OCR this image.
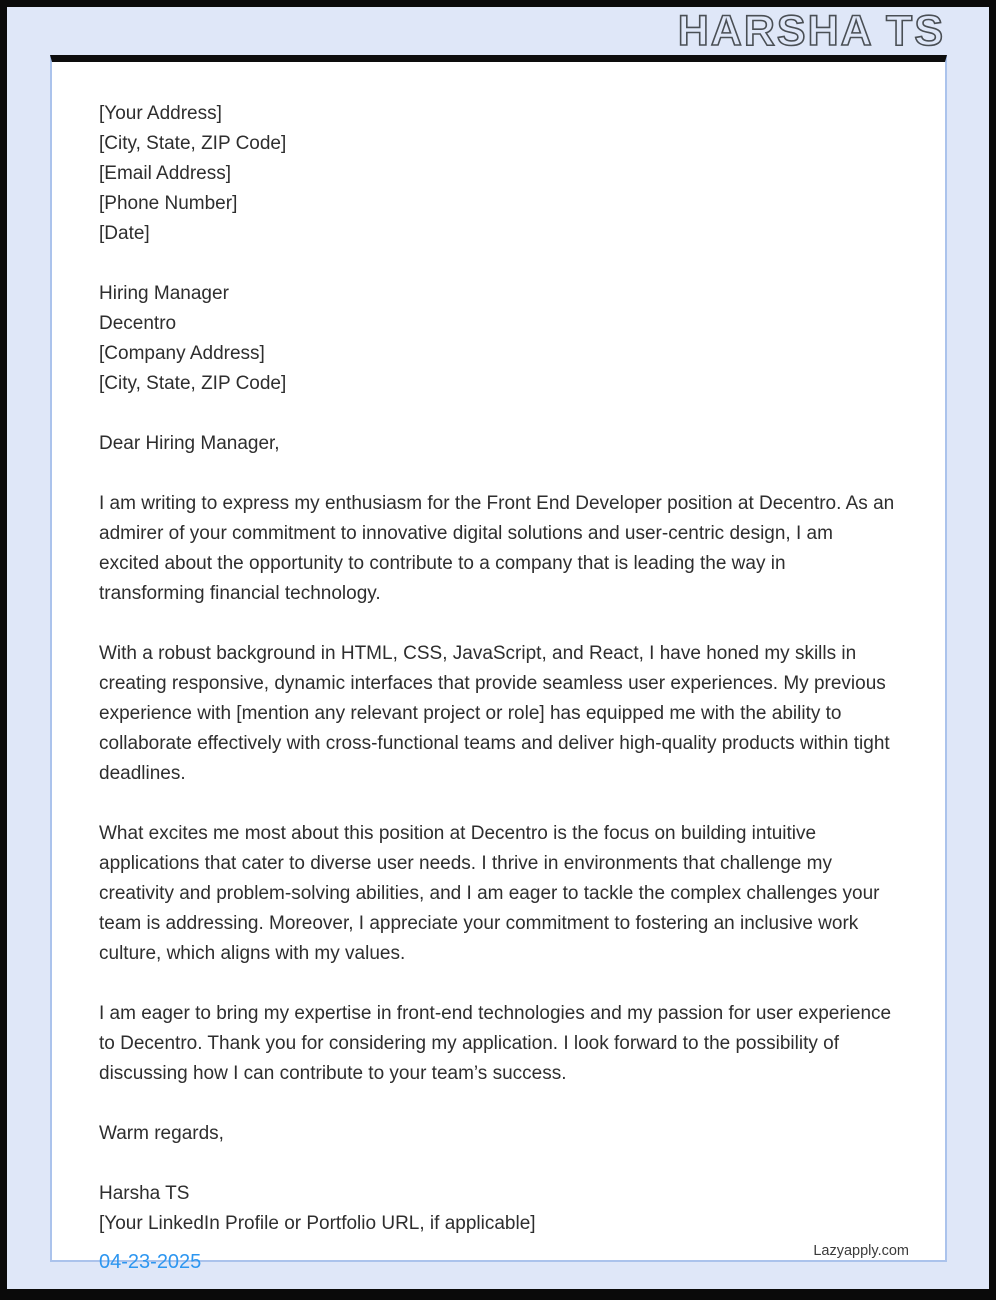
HARSHA TS
[Your Address]
[City, State, ZIP Code]
[Email Address]
[Phone Number]
[Date]
Hiring Manager
Decentro
[Company Address]
[City, State, ZIP Code]
Dear Hiring Manager,
I am writing to express my enthusiasm for the Front End Developer position at Decentro. As an admirer of your commitment to innovative digital solutions and user-centric design, I am excited about the opportunity to contribute to a company that is leading the way in transforming financial technology.
With a robust background in HTML, CSS, JavaScript, and React, I have honed my skills in creating responsive, dynamic interfaces that provide seamless user experiences. My previous experience with [mention any relevant project or role] has equipped me with the ability to collaborate effectively with cross-functional teams and deliver high-quality products within tight deadlines.
What excites me most about this position at Decentro is the focus on building intuitive applications that cater to diverse user needs. I thrive in environments that challenge my creativity and problem-solving abilities, and I am eager to tackle the complex challenges your team is addressing. Moreover, I appreciate your commitment to fostering an inclusive work culture, which aligns with my values.
I am eager to bring my expertise in front-end technologies and my passion for user experience to Decentro. Thank you for considering my application. I look forward to the possibility of discussing how I can contribute to your team’s success.
Warm regards,
Harsha TS
[Your LinkedIn Profile or Portfolio URL, if applicable]
04-23-2025	Lazyapply.com
